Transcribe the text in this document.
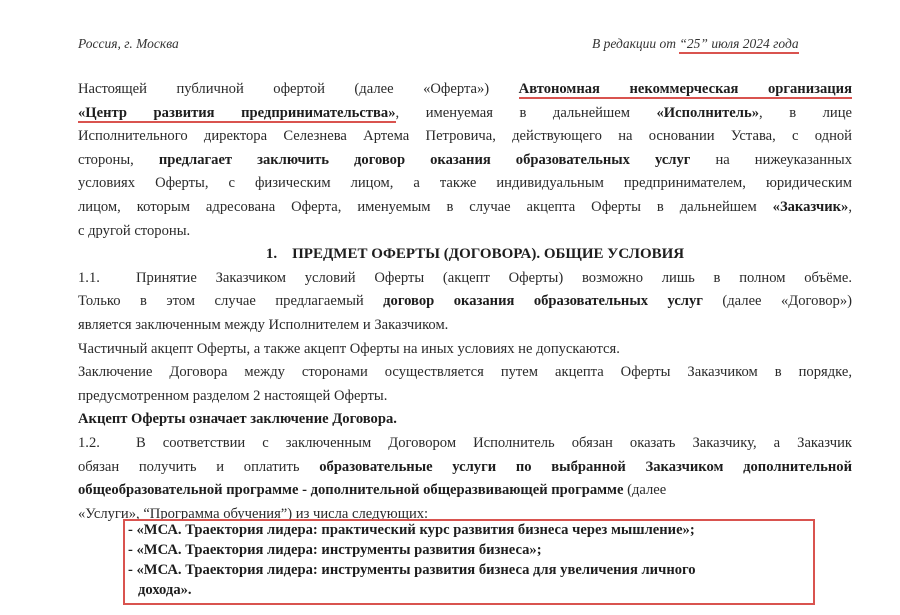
Россия, г. Москва	В редакции от “25” июля 2024 года
Настоящей публичной офертой (далее «Оферта») Автономная некоммерческая организация
«Центр развития предпринимательства», именуемая в дальнейшем «Исполнитель», в лице
Исполнительного директора Селезнева Артема Петровича, действующего на основании Устава, с одной
стороны, предлагает заключить договор оказания образовательных услуг на нижеуказанных
условиях Оферты, с физическим лицом, а также индивидуальным предпринимателем, юридическим
лицом, которым адресована Оферта, именуемым в случае акцепта Оферты в дальнейшем «Заказчик»,
с другой стороны.
1.    ПРЕДМЕТ ОФЕРТЫ (ДОГОВОРА). ОБЩИЕ УСЛОВИЯ
1.1. Принятие Заказчиком условий Оферты (акцепт Оферты) возможно лишь в полном объёме.
Только в этом случае предлагаемый договор оказания образовательных услуг (далее «Договор»)
является заключенным между Исполнителем и Заказчиком.
Частичный акцепт Оферты, а также акцепт Оферты на иных условиях не допускаются.
Заключение Договора между сторонами осуществляется путем акцепта Оферты Заказчиком в порядке,
предусмотренном разделом 2 настоящей Оферты.
Акцепт Оферты означает заключение Договора.
1.2. В соответствии с заключенным Договором Исполнитель обязан оказать Заказчику, а Заказчик
обязан получить и оплатить образовательные услуги по выбранной Заказчиком дополнительной
общеобразовательной программе - дополнительной общеразвивающей программе (далее
«Услуги», “Программа обучения”) из числа следующих:
- «МСА. Траектория лидера: практический курс развития бизнеса через мышление»;
- «МСА. Траектория лидера: инструменты развития бизнеса»;
- «МСА. Траектория лидера: инструменты развития бизнеса для увеличения личного
дохода».
